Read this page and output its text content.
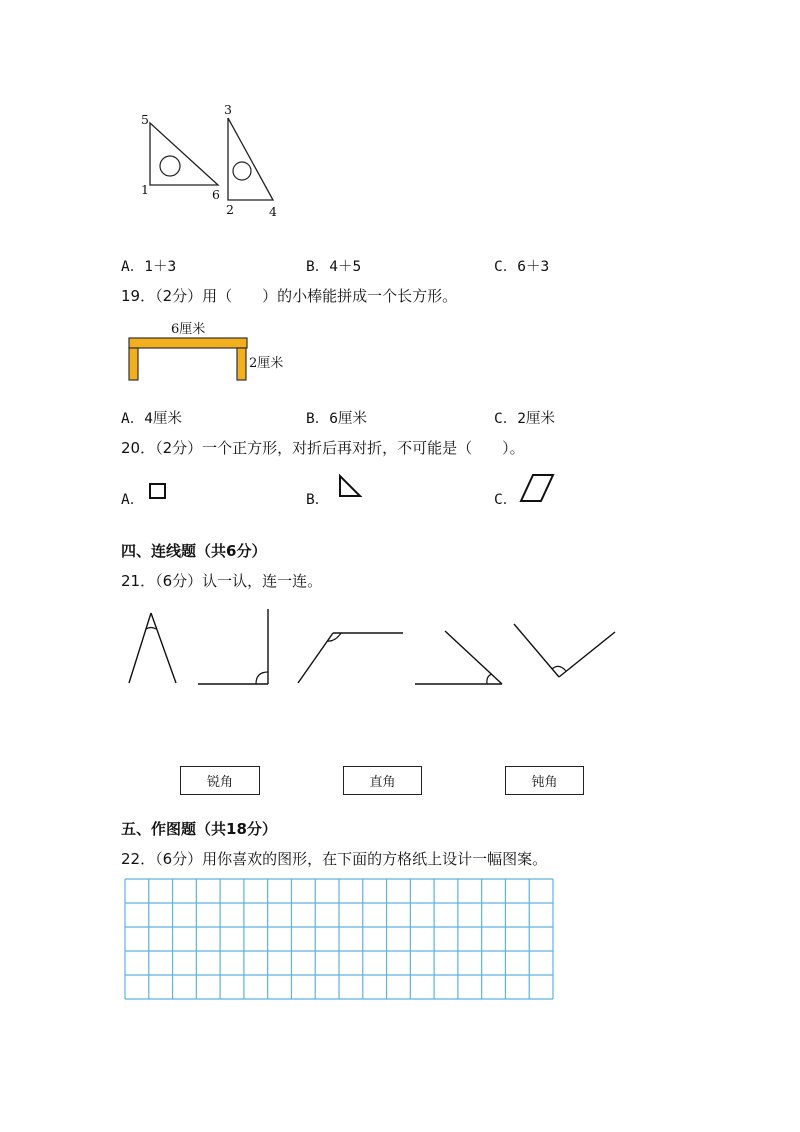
5
1	6
3
2	4
A．1＋3	B．4＋5	C．6＋3
19．（2分）用（　　）的小棒能拼成一个长方形。
6厘米
2厘米
A．4厘米	B．6厘米	C．2厘米
20．（2分）一个正方形，对折后再对折，不可能是（　　）。
A．	B．	C．
四、连线题（共6分）
21．（6分）认一认，连一连。
锐角	直角	钝角
五、作图题（共18分）
22．（6分）用你喜欢的图形，在下面的方格纸上设计一幅图案。
